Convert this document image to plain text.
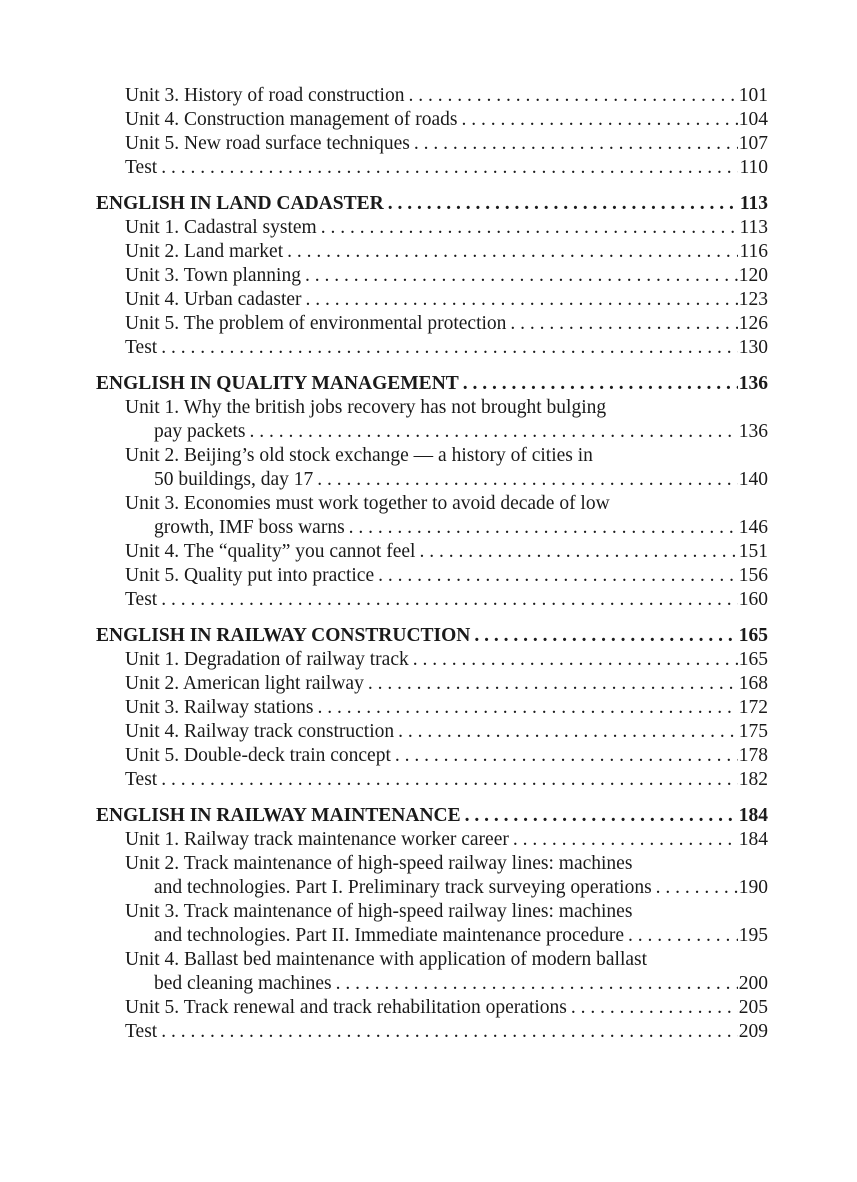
Unit 3. History of road construction . . .	101
Unit 4. Construction management of roads . . .	104
Unit 5. New road surface techniques . . .	107
Test . . .	110
ENGLISH IN LAND CADASTER . . .	113
Unit 1. Cadastral system . . .	113
Unit 2. Land market . . .	116
Unit 3. Town planning . . .	120
Unit 4. Urban cadaster . . .	123
Unit 5. The problem of environmental protection . . .	126
Test . . .	130
ENGLISH IN QUALITY MANAGEMENT . . .	136
Unit 1. Why the british jobs recovery has not brought bulging
pay packets . . .	136
Unit 2. Beijing’s old stock exchange — a history of cities in
50 buildings, day 17 . . .	140
Unit 3. Economies must work together to avoid decade of low
growth, IMF boss warns . . .	146
Unit 4. The “quality” you cannot feel . . .	151
Unit 5. Quality put into practice . . .	156
Test . . .	160
ENGLISH IN RAILWAY CONSTRUCTION . . .	165
Unit 1. Degradation of railway track . . .	165
Unit 2. American light railway . . .	168
Unit 3. Railway stations . . .	172
Unit 4. Railway track construction . . .	175
Unit 5. Double-deck train concept . . .	178
Test . . .	182
ENGLISH IN RAILWAY MAINTENANCE . . .	184
Unit 1. Railway track maintenance worker career . . .	184
Unit 2. Track maintenance of high-speed railway lines: machines
and technologies. Part I. Preliminary track surveying operations . . .	190
Unit 3. Track maintenance of high-speed railway lines: machines
and technologies. Part II. Immediate maintenance procedure . . .	195
Unit 4. Ballast bed maintenance with application of modern ballast
bed cleaning machines . . .	200
Unit 5. Track renewal and track rehabilitation operations . . .	205
Test . . .	209
